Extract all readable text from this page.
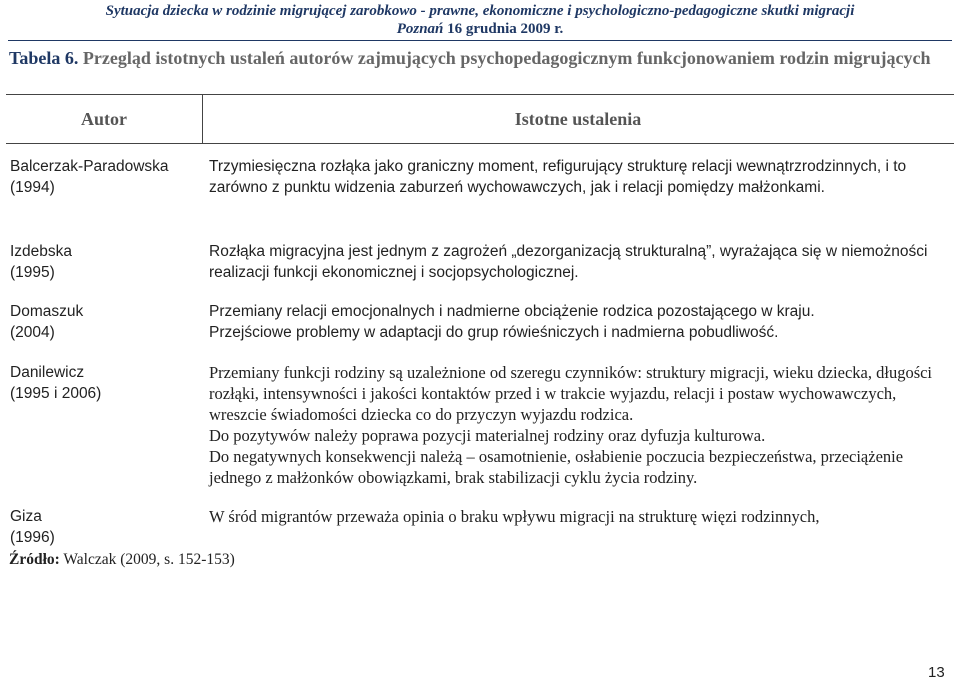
Sytuacja dziecka w rodzinie migrującej zarobkowo - prawne, ekonomiczne i psychologiczno-pedagogiczne skutki migracji
Poznań 16 grudnia 2009 r.
Tabela 6. Przegląd istotnych ustaleń autorów zajmujących psychopedagogicznym funkcjonowaniem rodzin migrujących
Autor	Istotne ustalenia
Balcerzak-Paradowska
(1994)
Trzymiesięczna rozłąka jako graniczny moment, refigurujący strukturę relacji wewnątrzrodzinnych, i to zarówno z punktu widzenia zaburzeń wychowawczych, jak i relacji pomiędzy małżonkami.
Izdebska
(1995)
Rozłąka migracyjna jest jednym z zagrożeń „dezorganizacją strukturalną”, wyrażająca się w niemożności realizacji funkcji ekonomicznej i socjopsychologicznej.
Domaszuk
(2004)
Przemiany relacji emocjonalnych i nadmierne obciążenie rodzica pozostającego w kraju.
Przejściowe problemy w adaptacji do grup rówieśniczych i nadmierna pobudliwość.
Danilewicz
(1995 i 2006)
Przemiany funkcji rodziny są uzależnione od szeregu czynników: struktury migracji, wieku dziecka, długości rozłąki, intensywności i jakości kontaktów przed i w trakcie wyjazdu, relacji i postaw wychowawczych, wreszcie świadomości dziecka co do przyczyn wyjazdu rodzica.
Do pozytywów należy poprawa pozycji materialnej rodziny oraz dyfuzja kulturowa.
Do negatywnych konsekwencji należą – osamotnienie, osłabienie poczucia bezpieczeństwa, przeciążenie jednego z małżonków obowiązkami, brak stabilizacji cyklu życia rodziny.
Giza
(1996)
W śród migrantów przeważa opinia o braku wpływu migracji na strukturę więzi rodzinnych,
Źródło: Walczak (2009, s. 152-153)
13
